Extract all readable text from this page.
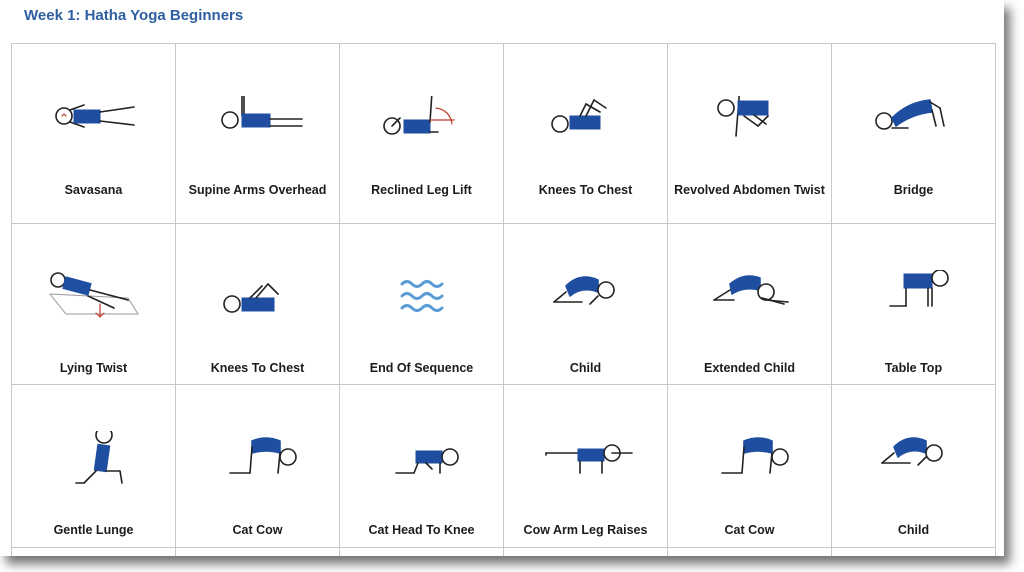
Week 1: Hatha Yoga Beginners
Savasana	Supine Arms Overhead	Reclined Leg Lift	Knees To Chest	Revolved Abdomen Twist	Bridge
Lying Twist	Knees To Chest	End Of Sequence	Child	Extended Child	Table Top
Gentle Lunge	Cat Cow	Cat Head To Knee	Cow Arm Leg Raises	Cat Cow	Child
